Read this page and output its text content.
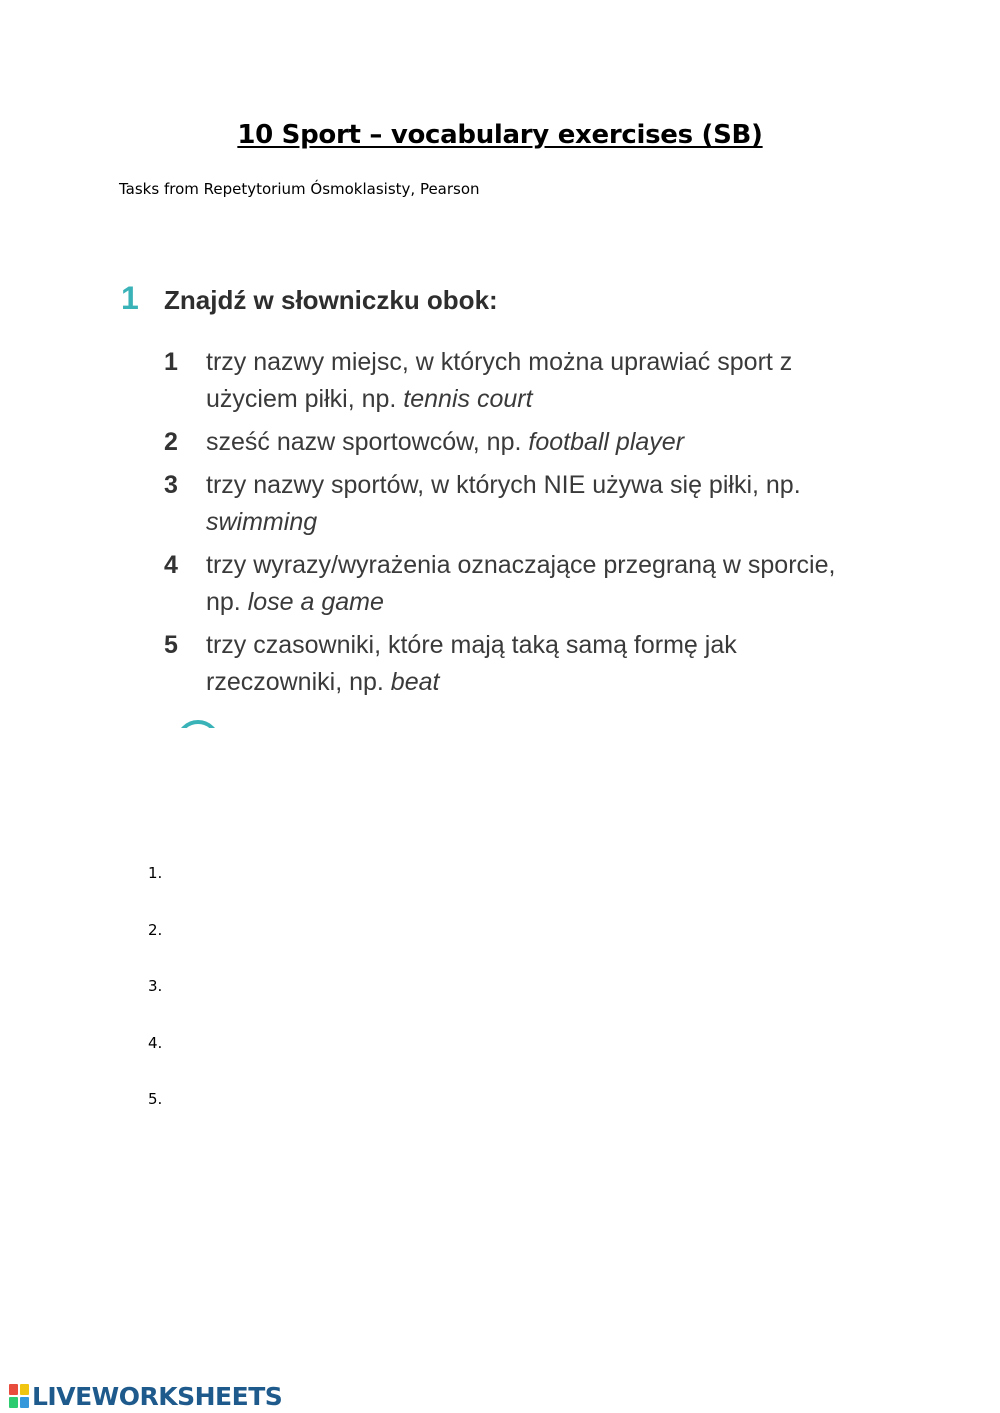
10 Sport – vocabulary exercises (SB)
Tasks from Repetytorium Ósmoklasisty, Pearson
1 Znajdź w słowniczku obok:
1 trzy nazwy miejsc, w których można uprawiać sport z użyciem piłki, np. tennis court
2 sześć nazw sportowców, np. football player
3 trzy nazwy sportów, w których NIE używa się piłki, np. swimming
4 trzy wyrazy/wyrażenia oznaczające przegraną w sporcie, np. lose a game
5 trzy czasowniki, które mają taką samą formę jak rzeczowniki, np. beat
1.
2.
3.
4.
5.
LIVEWORKSHEETS
